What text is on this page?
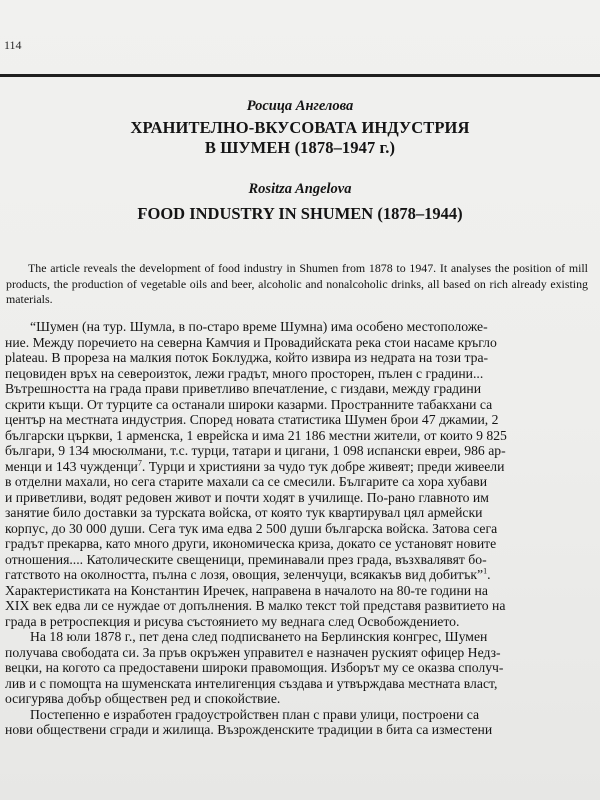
114

Росица Ангелова

ХРАНИТЕЛНО-ВКУСОВАТА ИНДУСТРИЯ
В ШУМЕН (1878–1947 г.)

Rositza Angelova

FOOD INDUSTRY IN SHUMEN (1878–1944)

The article reveals the development of food industry in Shumen from 1878 to 1947. It analyses the position of mill products, the production of vegetable oils and beer, alcoholic and nonalcoholic drinks, all based on rich already existing materials.

“Шумен (на тур. Шумла, в по-старо време Шумна) има особено местоположе-
ние. Между поречието на северна Камчия и Провадийската река стои насаме кръгло
plateau. В прореза на малкия поток Боклуджа, който извира из недрата на този тра-
пецовиден връх на североизток, лежи градът, много просторен, пълен с градини...
Вътрешността на града прави приветливо впечатление, с гиздави, между градини
скрити къщи. От турците са останали широки казарми. Пространните табакхани са
център на местната индустрия. Според новата статистика Шумен брои 47 джамии, 2
български църкви, 1 арменска, 1 еврейска и има 21 186 местни жители, от които 9 825
българи, 9 134 мюсюлмани, т.с. турци, татари и цигани, 1 098 испански евреи, 986 ар-
менци и 143 чужденци$^7$. Турци и християни за чудо тук добре живеят; преди живеели
в отделни махали, но сега старите махали са се смесили. Българите са хора хубави
и приветливи, водят редовен живот и почти ходят в училище. По-рано главното им
занятие било доставки за турската войска, от която тук квартирувал цял армейски
корпус, до 30 000 души. Сега тук има едва 2 500 души българска войска. Затова сега
градът прекарва, като много други, икономическа криза, докато се установят новите
отношения.... Католическите свещеници, преминавали през града, възхвалявят бо-
гатството на околността, пълна с лозя, овощия, зеленчуци, всякакъв вид добитък”$^1$.
Характеристиката на Константин Иречек, направена в началото на 80-те години на
XIX век едва ли се нуждае от допълнения. В малко текст той представя развитието на
града в ретроспекция и рисува състоянието му веднага след Освобождението.
На 18 юли 1878 г., пет дена след подписването на Берлинския конгрес, Шумен
получава свободата си. За пръв окръжен управител е назначен руският офицер Недз-
вецки, на когото са предоставени широки правомощия. Изборът му се оказва сполуч-
лив и с помощта на шуменската интелигенция създава и утвърждава местната власт,
осигурява добър обществен ред и спокойствие.
Постепенно е изработен градоустройствен план с прави улици, построени са
нови обществени сгради и жилища. Възрожденските традиции в бита са изместени
